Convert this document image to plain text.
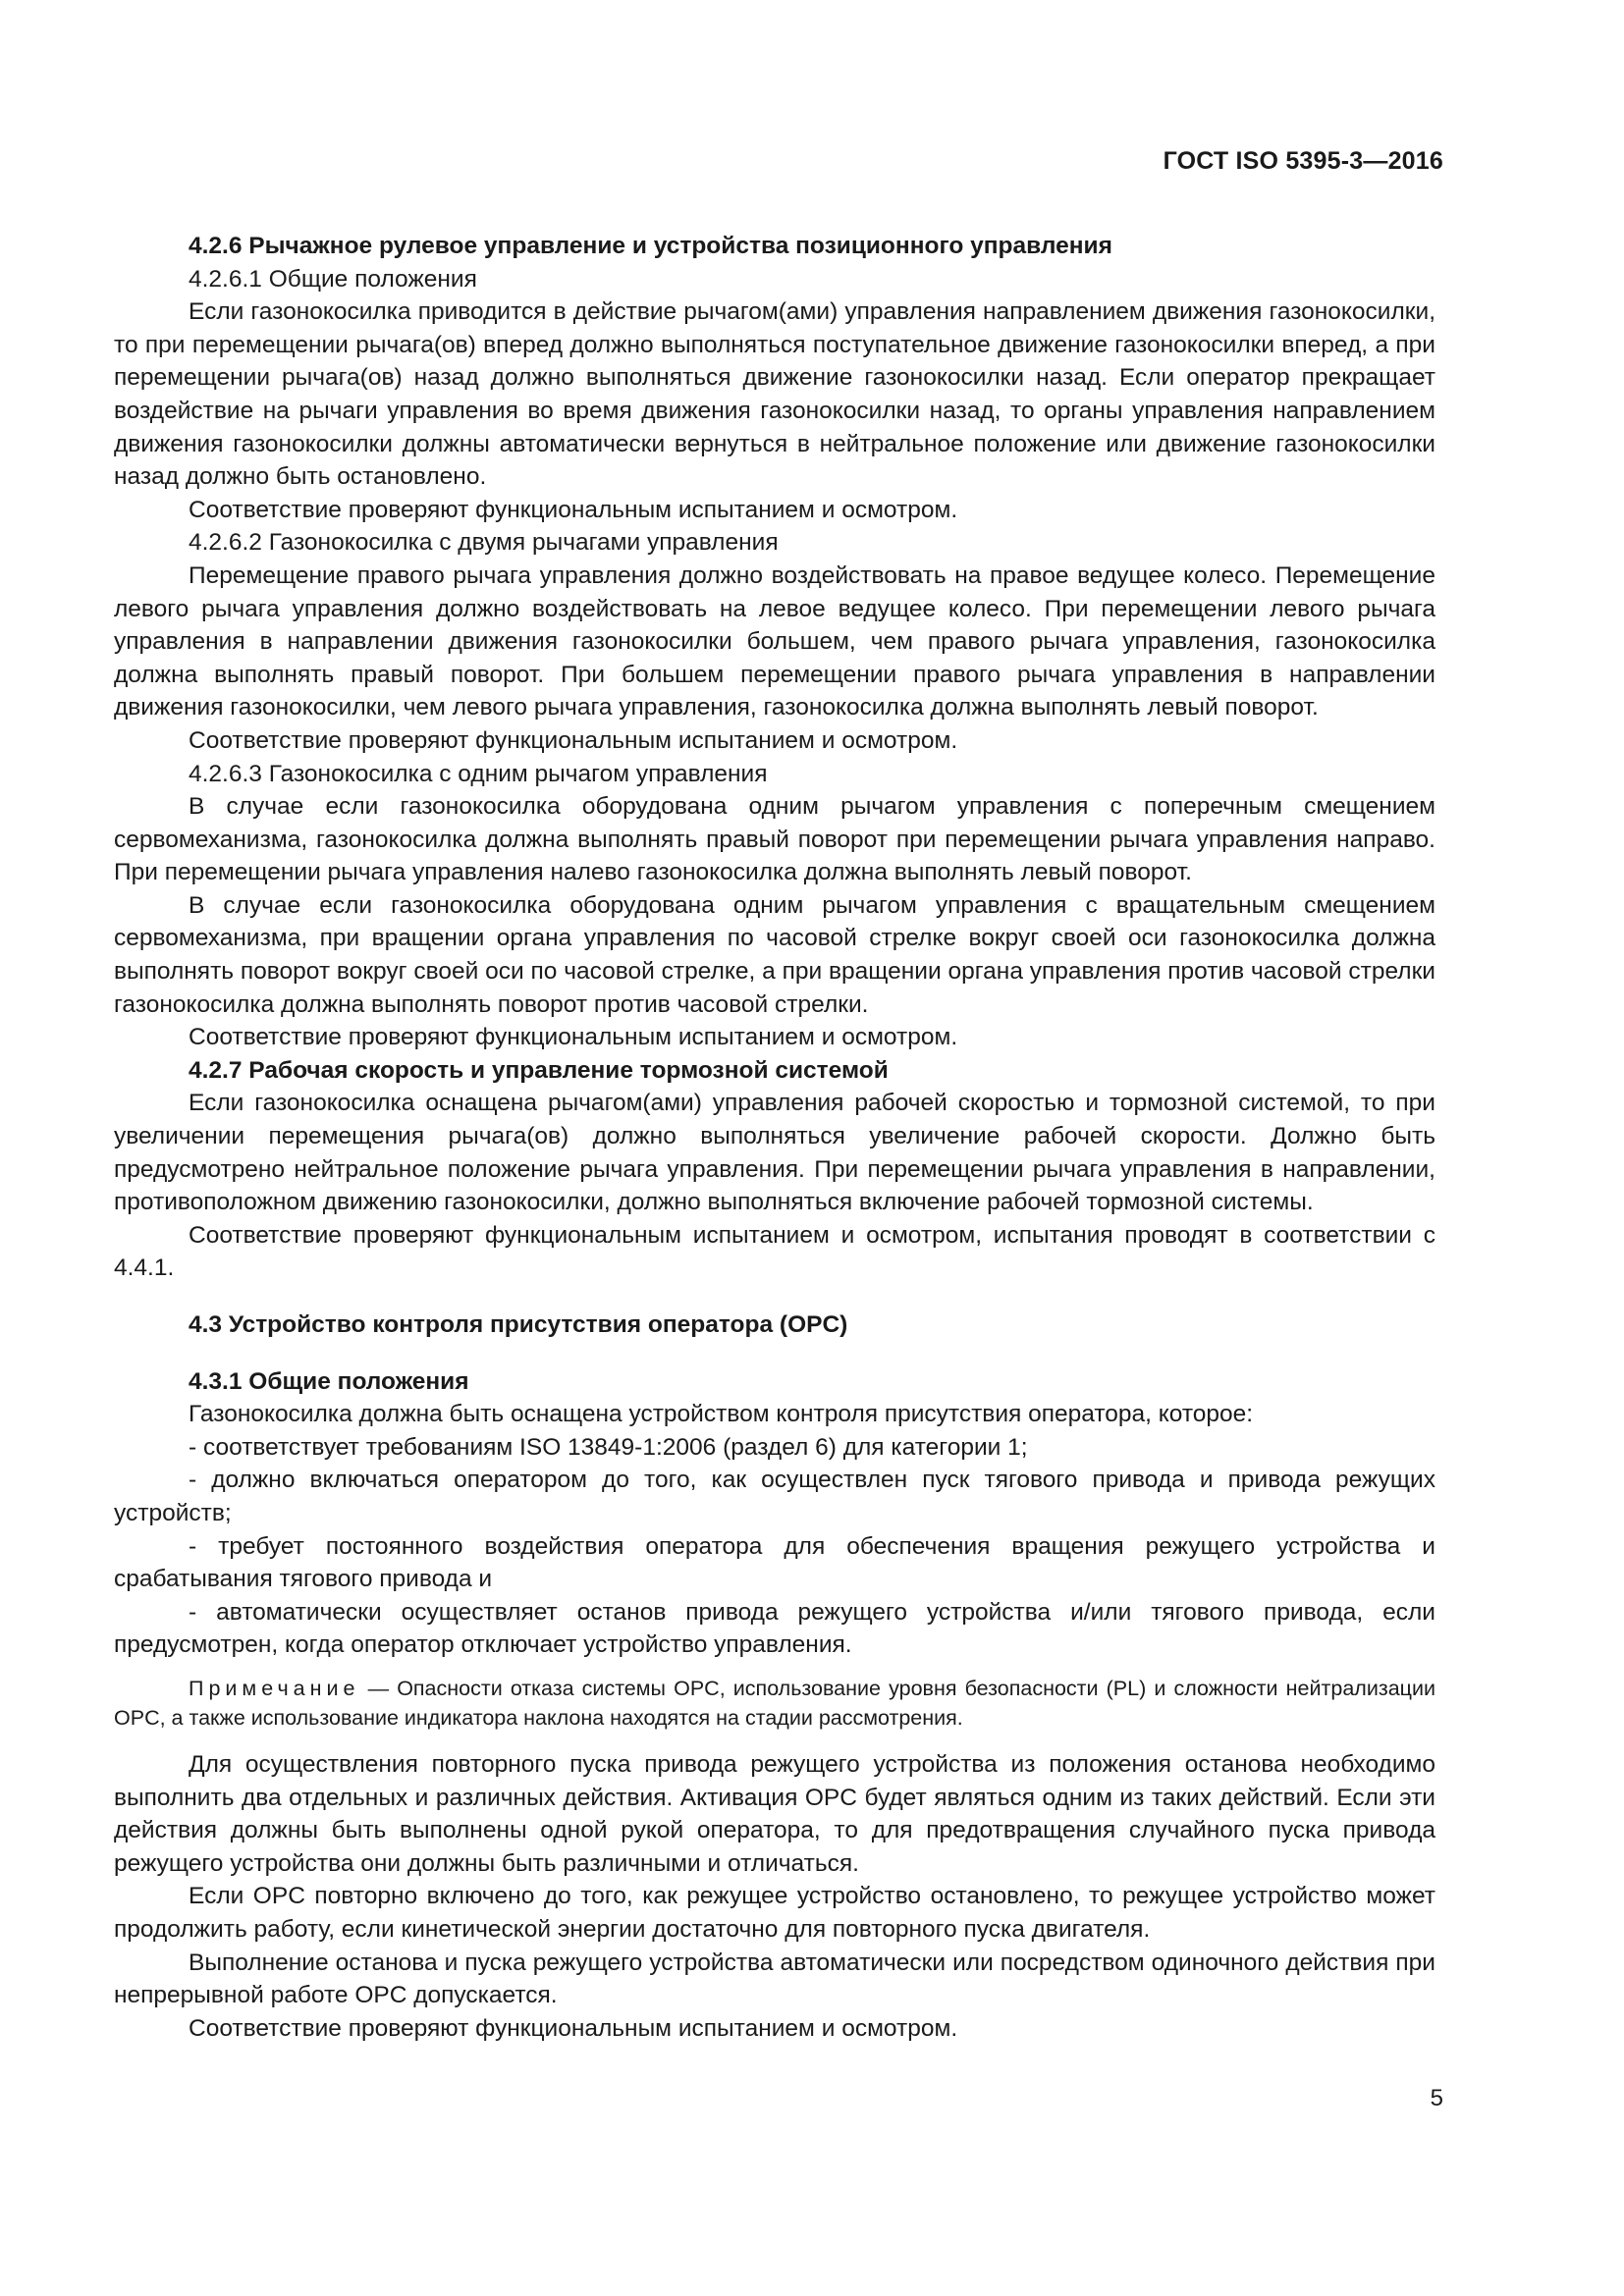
ГОСТ ISO 5395-3—2016

4.2.6 Рычажное рулевое управление и устройства позиционного управления

4.2.6.1 Общие положения

Если газонокосилка приводится в действие рычагом(ами) управления направлением движения газонокосилки, то при перемещении рычага(ов) вперед должно выполняться поступательное движение газонокосилки вперед, а при перемещении рычага(ов) назад должно выполняться движение газонокосилки назад. Если оператор прекращает воздействие на рычаги управления во время движения газонокосилки назад, то органы управления направлением движения газонокосилки должны автоматически вернуться в нейтральное положение или движение газонокосилки назад должно быть остановлено.

Соответствие проверяют функциональным испытанием и осмотром.

4.2.6.2 Газонокосилка с двумя рычагами управления

Перемещение правого рычага управления должно воздействовать на правое ведущее колесо. Перемещение левого рычага управления должно воздействовать на левое ведущее колесо. При перемещении левого рычага управления в направлении движения газонокосилки большем, чем правого рычага управления, газонокосилка должна выполнять правый поворот. При большем перемещении правого рычага управления в направлении движения газонокосилки, чем левого рычага управления, газонокосилка должна выполнять левый поворот.

Соответствие проверяют функциональным испытанием и осмотром.

4.2.6.3 Газонокосилка с одним рычагом управления

В случае если газонокосилка оборудована одним рычагом управления с поперечным смещением сервомеханизма, газонокосилка должна выполнять правый поворот при перемещении рычага управления направо. При перемещении рычага управления налево газонокосилка должна выполнять левый поворот.

В случае если газонокосилка оборудована одним рычагом управления с вращательным смещением сервомеханизма, при вращении органа управления по часовой стрелке вокруг своей оси газонокосилка должна выполнять поворот вокруг своей оси по часовой стрелке, а при вращении органа управления против часовой стрелки газонокосилка должна выполнять поворот против часовой стрелки.

Соответствие проверяют функциональным испытанием и осмотром.

4.2.7 Рабочая скорость и управление тормозной системой

Если газонокосилка оснащена рычагом(ами) управления рабочей скоростью и тормозной системой, то при увеличении перемещения рычага(ов) должно выполняться увеличение рабочей скорости. Должно быть предусмотрено нейтральное положение рычага управления. При перемещении рычага управления в направлении, противоположном движению газонокосилки, должно выполняться включение рабочей тормозной системы.

Соответствие проверяют функциональным испытанием и осмотром, испытания проводят в соответствии с 4.4.1.

4.3 Устройство контроля присутствия оператора (OPC)

4.3.1 Общие положения

Газонокосилка должна быть оснащена устройством контроля присутствия оператора, которое:

- соответствует требованиям ISO 13849-1:2006 (раздел 6) для категории 1;

- должно включаться оператором до того, как осуществлен пуск тягового привода и привода режущих устройств;

- требует постоянного воздействия оператора для обеспечения вращения режущего устройства и срабатывания тягового привода и

- автоматически осуществляет останов привода режущего устройства и/или тягового привода, если предусмотрен, когда оператор отключает устройство управления.

Примечание — Опасности отказа системы OPC, использование уровня безопасности (PL) и сложности нейтрализации OPC, а также использование индикатора наклона находятся на стадии рассмотрения.

Для осуществления повторного пуска привода режущего устройства из положения останова необходимо выполнить два отдельных и различных действия. Активация OPC будет являться одним из таких действий. Если эти действия должны быть выполнены одной рукой оператора, то для предотвращения случайного пуска привода режущего устройства они должны быть различными и отличаться.

Если OPC повторно включено до того, как режущее устройство остановлено, то режущее устройство может продолжить работу, если кинетической энергии достаточно для повторного пуска двигателя.

Выполнение останова и пуска режущего устройства автоматически или посредством одиночного действия при непрерывной работе OPC допускается.

Соответствие проверяют функциональным испытанием и осмотром.

5
